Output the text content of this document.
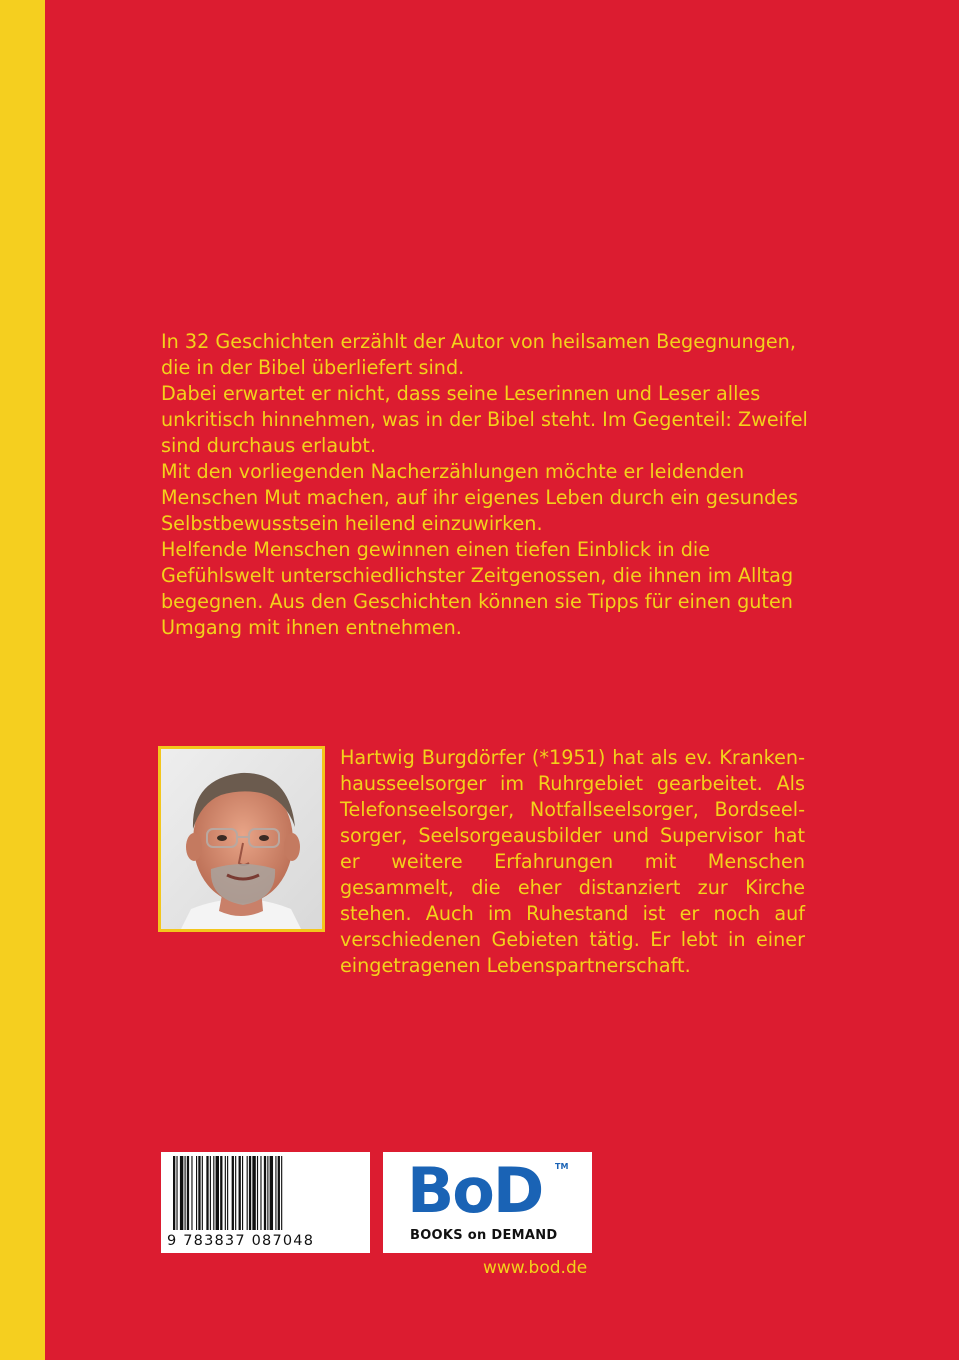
In 32 Geschichten erzählt der Autor von heilsamen Begegnungen, die in der Bibel überliefert sind.

Dabei erwartet er nicht, dass seine Leserinnen und Leser alles unkritisch hinnehmen, was in der Bibel steht. Im Gegenteil: Zweifel sind durchaus erlaubt.

Mit den vorliegenden Nacherzählungen möchte er leidenden Menschen Mut machen, auf ihr eigenes Leben durch ein gesundes Selbstbewusstsein heilend einzuwirken.

Helfende Menschen gewinnen einen tiefen Einblick in die Gefühlswelt unterschiedlichster Zeitgenossen, die ihnen im Alltag begegnen. Aus den Geschichten können sie Tipps für einen guten Umgang mit ihnen entnehmen.

Hartwig Burgdörfer (*1951) hat als ev. Krankenhausseelsorger im Ruhrgebiet gearbeitet. Als Telefonseelsorger, Notfallseelsorger, Bordseelsorger, Seelsorgeausbilder und Supervisor hat er weitere Erfahrungen mit Menschen gesammelt, die eher distanziert zur Kirche stehen. Auch im Ruhestand ist er noch auf verschiedenen Gebieten tätig. Er lebt in einer eingetragenen Lebenspartnerschaft.
9 783837 087048
BoD TM
BOOKS on DEMAND
www.bod.de
